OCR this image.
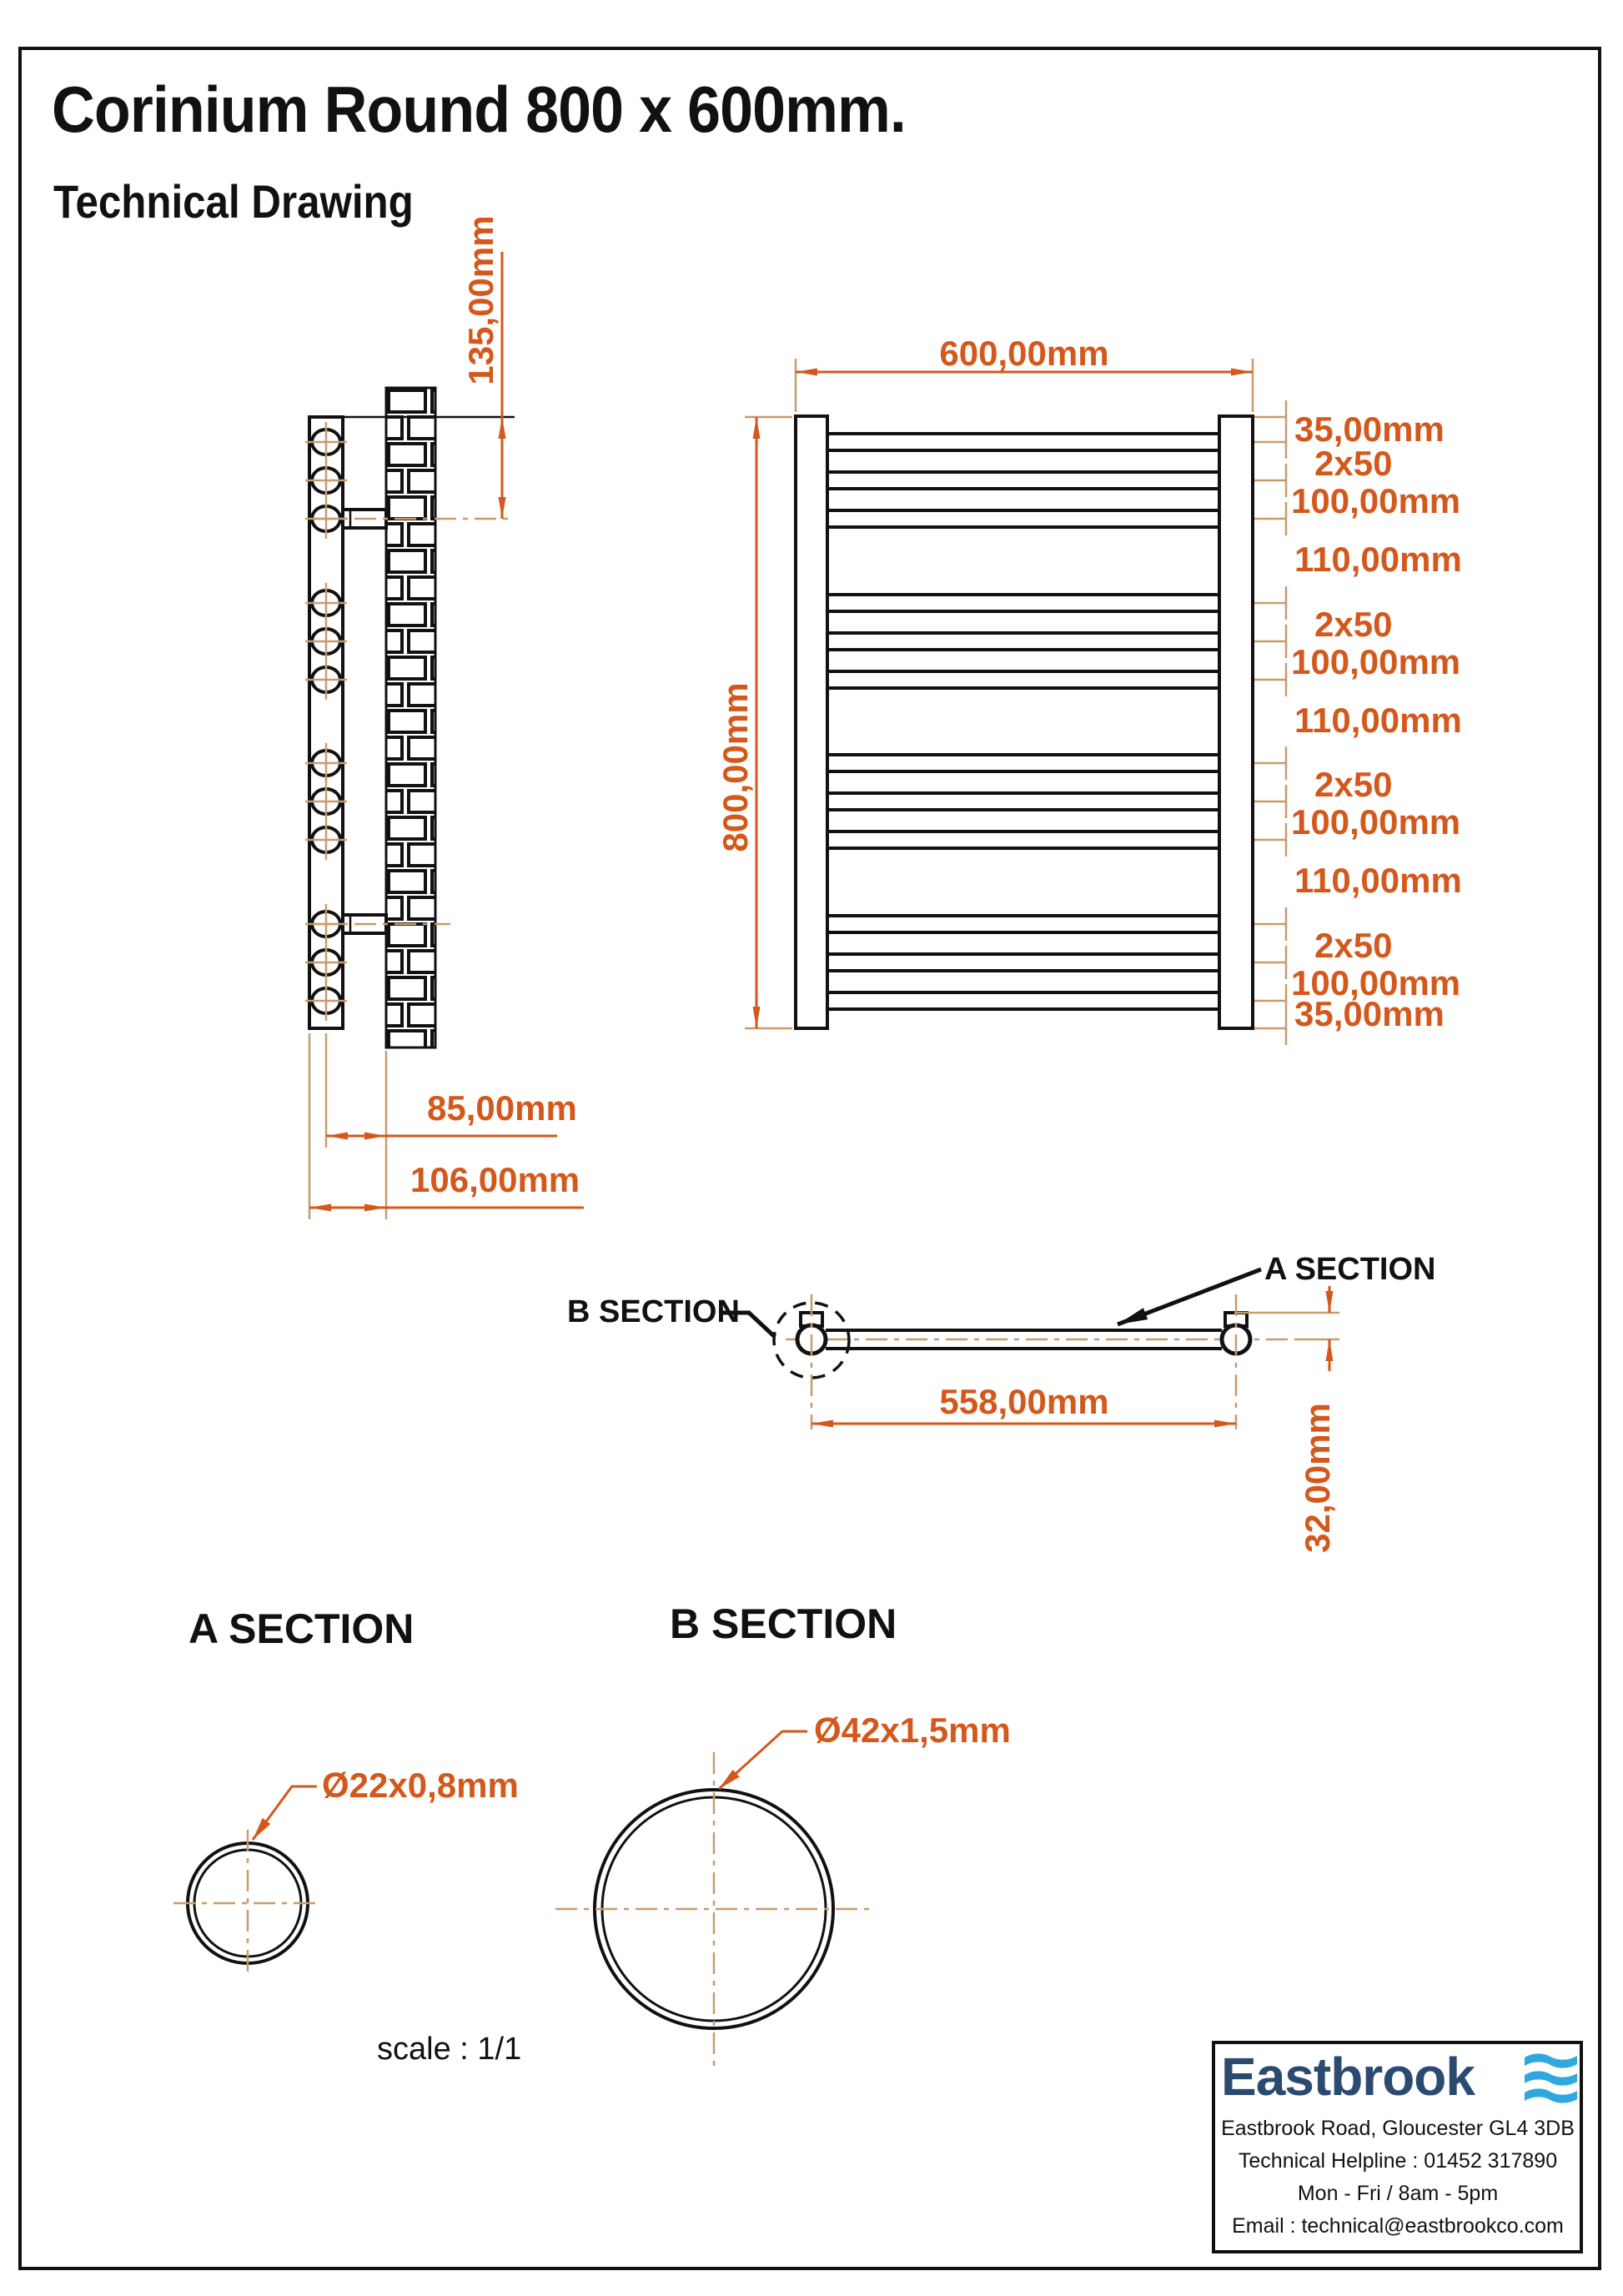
Corinium Round 800 x 600mm.
Technical Drawing
135,00mm
85,00mm
106,00mm
600,00mm
800,00mm
35,00mm
2x50
100,00mm
110,00mm
2x50
100,00mm
110,00mm
2x50
100,00mm
110,00mm
2x50
100,00mm
35,00mm
B SECTION
A SECTION
558,00mm
32,00mm
A SECTION	B SECTION
Ø22x0,8mm
Ø42x1,5mm
scale : 1/1	Eastbrook
Eastbrook Road, Gloucester GL4 3DB
Technical Helpline : 01452 317890
Mon - Fri / 8am - 5pm
Email : technical@eastbrookco.com
